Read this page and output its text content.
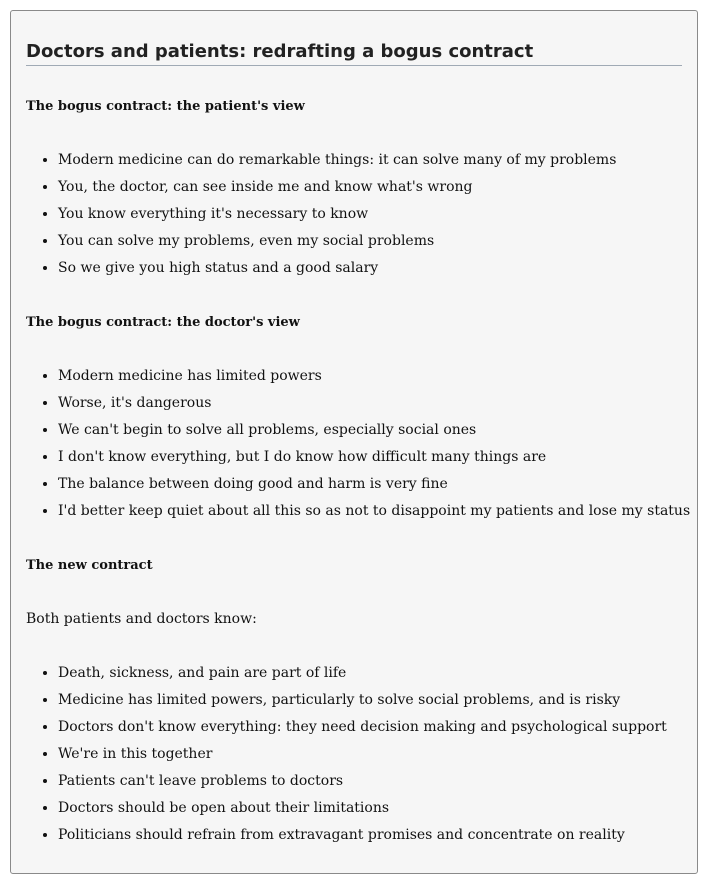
Doctors and patients: redrafting a bogus contract
The bogus contract: the patient's view
• Modern medicine can do remarkable things: it can solve many of my problems
• You, the doctor, can see inside me and know what's wrong
• You know everything it's necessary to know
• You can solve my problems, even my social problems
• So we give you high status and a good salary
The bogus contract: the doctor's view
• Modern medicine has limited powers
• Worse, it's dangerous
• We can't begin to solve all problems, especially social ones
• I don't know everything, but I do know how difficult many things are
• The balance between doing good and harm is very fine
• I'd better keep quiet about all this so as not to disappoint my patients and lose my status
The new contract

Both patients and doctors know:

• Death, sickness, and pain are part of life
• Medicine has limited powers, particularly to solve social problems, and is risky
• Doctors don't know everything: they need decision making and psychological support
• We're in this together
• Patients can't leave problems to doctors
• Doctors should be open about their limitations
• Politicians should refrain from extravagant promises and concentrate on reality
